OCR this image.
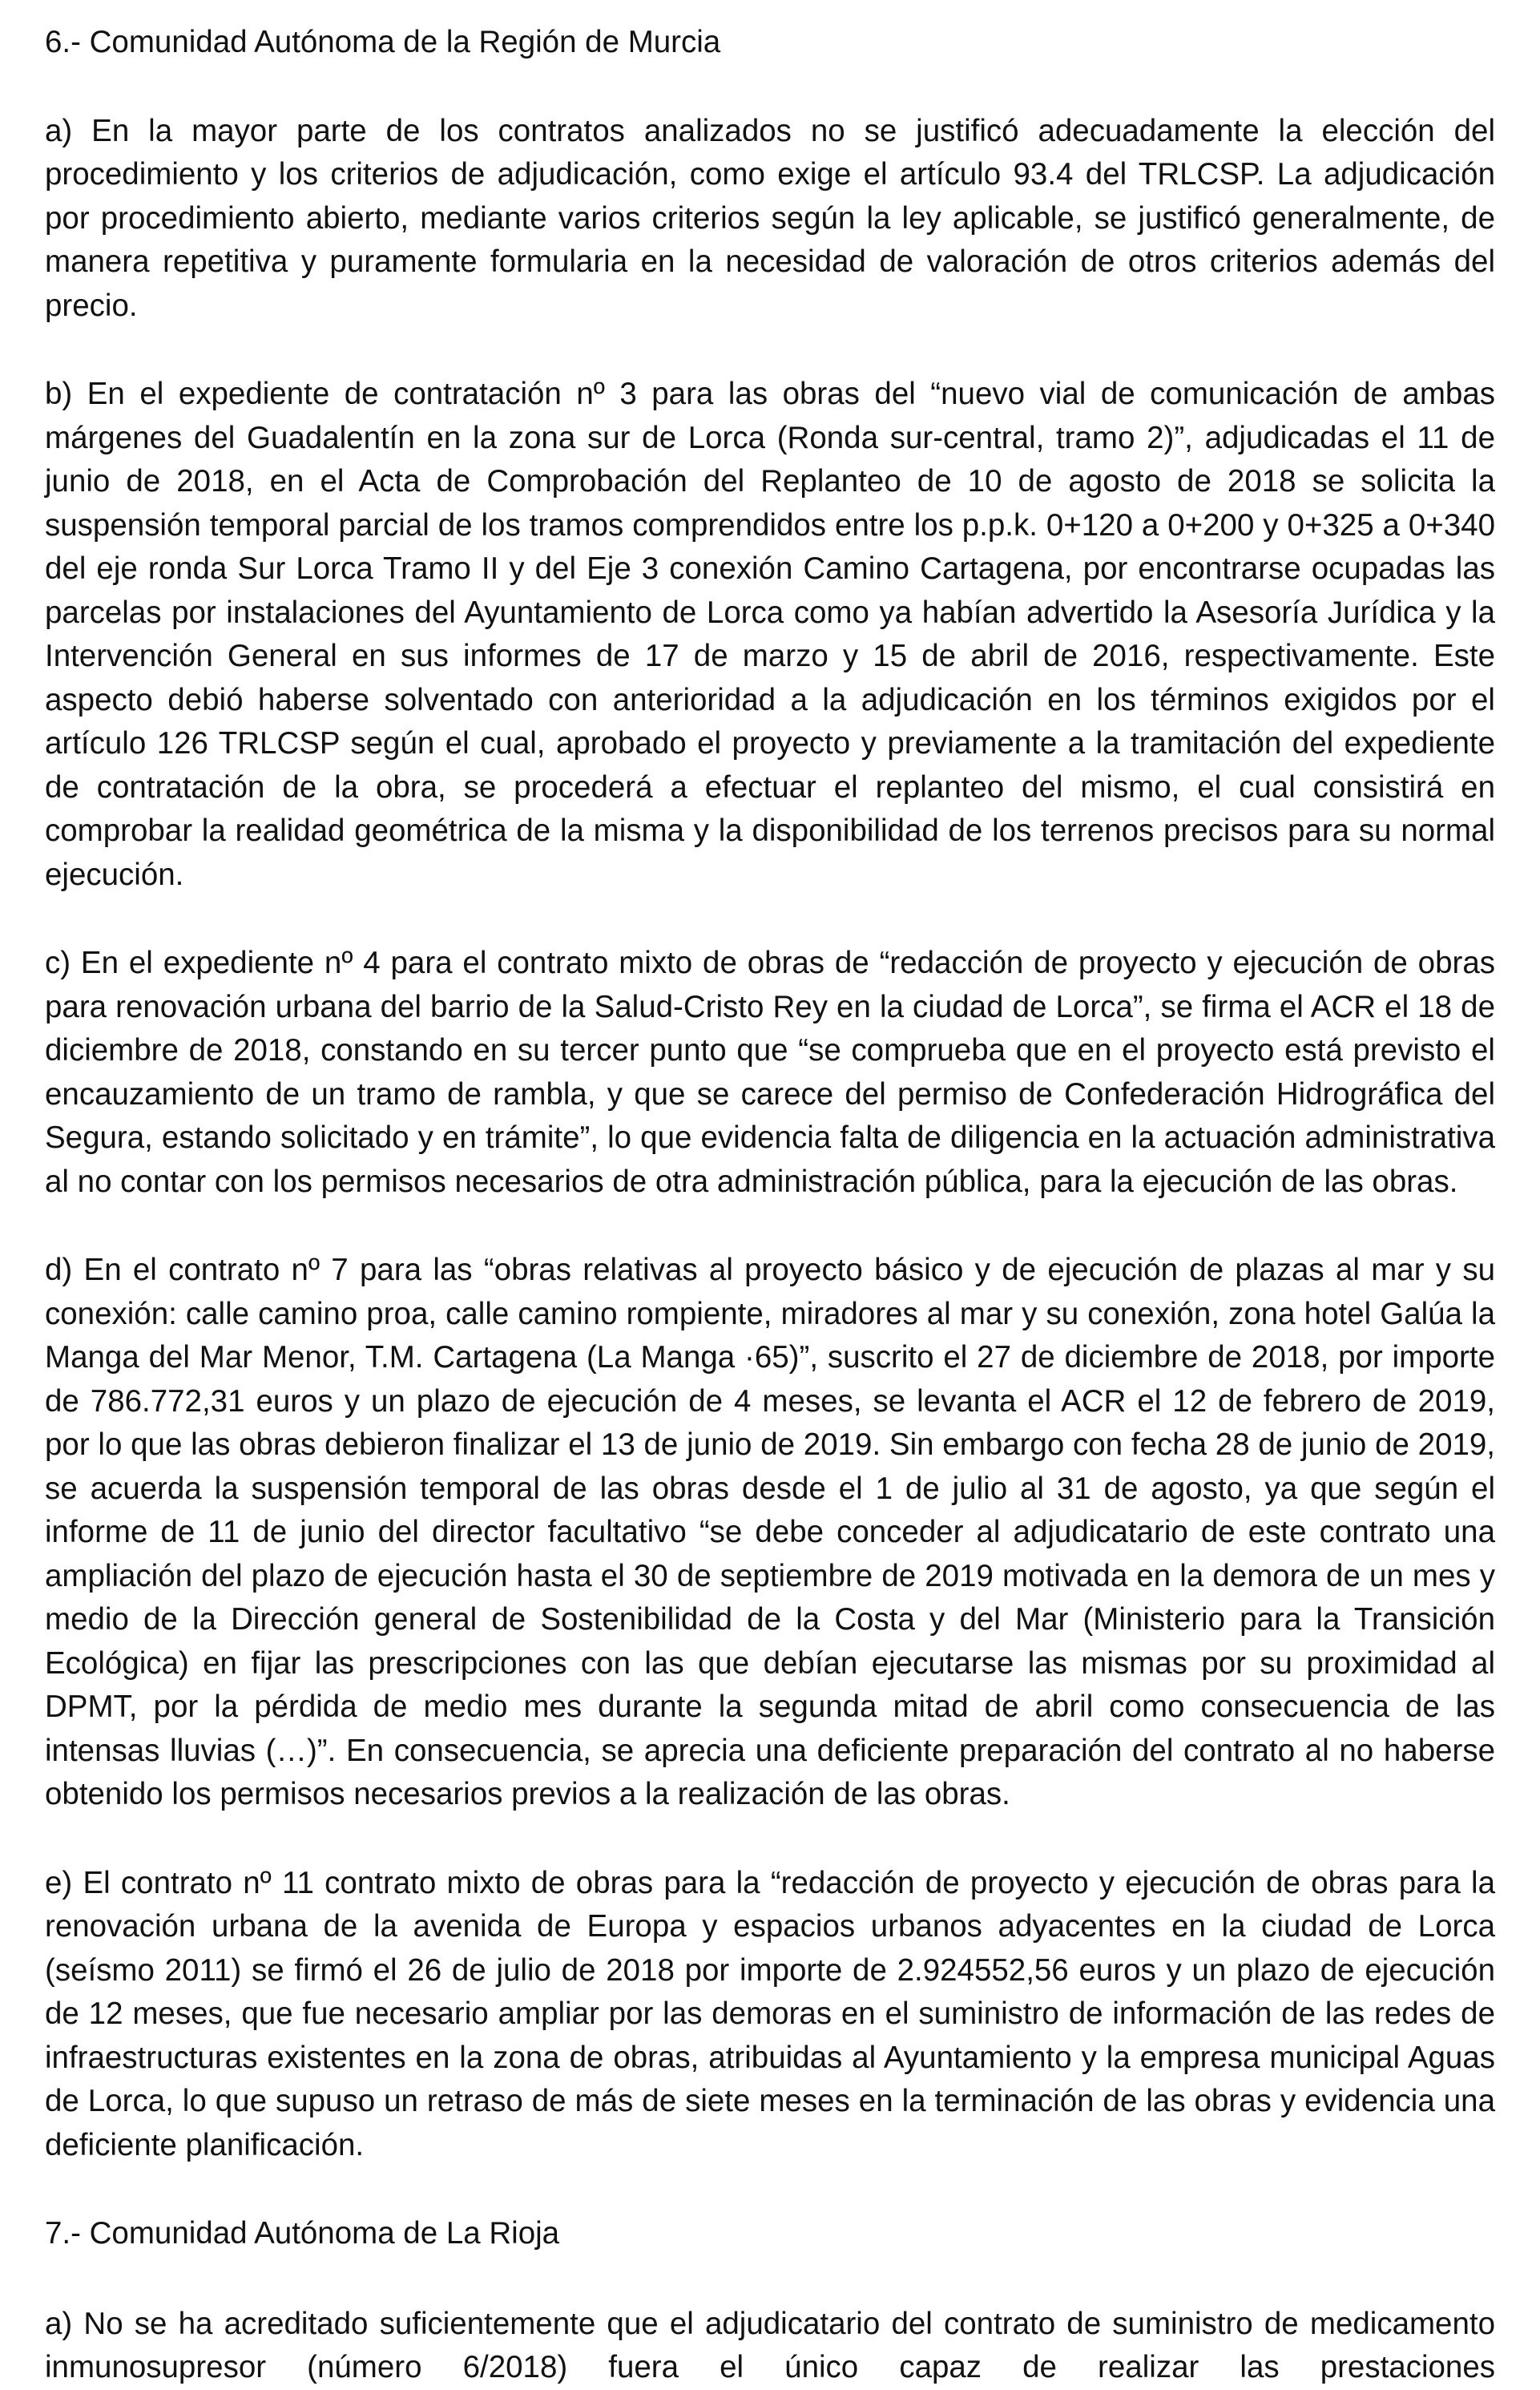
6.- Comunidad Autónoma de la Región de Murcia

a) En la mayor parte de los contratos analizados no se justificó adecuadamente la elección del procedimiento y los criterios de adjudicación, como exige el artículo 93.4 del TRLCSP. La adjudicación por procedimiento abierto, mediante varios criterios según la ley aplicable, se justificó generalmente, de manera repetitiva y puramente formularia en la necesidad de valoración de otros criterios además del precio.

b) En el expediente de contratación nº 3 para las obras del “nuevo vial de comunicación de ambas márgenes del Guadalentín en la zona sur de Lorca (Ronda sur-central, tramo 2)”, adjudicadas el 11 de junio de 2018, en el Acta de Comprobación del Replanteo de 10 de agosto de 2018 se solicita la suspensión temporal parcial de los tramos comprendidos entre los p.p.k. 0+120 a 0+200 y 0+325 a 0+340 del eje ronda Sur Lorca Tramo II y del Eje 3 conexión Camino Cartagena, por encontrarse ocupadas las parcelas por instalaciones del Ayuntamiento de Lorca como ya habían advertido la Asesoría Jurídica y la Intervención General en sus informes de 17 de marzo y 15 de abril de 2016, respectivamente. Este aspecto debió haberse solventado con anterioridad a la adjudicación en los términos exigidos por el artículo 126 TRLCSP según el cual, aprobado el proyecto y previamente a la tramitación del expediente de contratación de la obra, se procederá a efectuar el replanteo del mismo, el cual consistirá en comprobar la realidad geométrica de la misma y la disponibilidad de los terrenos precisos para su normal ejecución.

c) En el expediente nº 4 para el contrato mixto de obras de “redacción de proyecto y ejecución de obras para renovación urbana del barrio de la Salud-Cristo Rey en la ciudad de Lorca”, se firma el ACR el 18 de diciembre de 2018, constando en su tercer punto que “se comprueba que en el proyecto está previsto el encauzamiento de un tramo de rambla, y que se carece del permiso de Confederación Hidrográfica del Segura, estando solicitado y en trámite”, lo que evidencia falta de diligencia en la actuación administrativa al no contar con los permisos necesarios de otra administración pública, para la ejecución de las obras.

d) En el contrato nº 7 para las “obras relativas al proyecto básico y de ejecución de plazas al mar y su conexión: calle camino proa, calle camino rompiente, miradores al mar y su conexión, zona hotel Galúa la Manga del Mar Menor, T.M. Cartagena (La Manga ·65)”, suscrito el 27 de diciembre de 2018, por importe de 786.772,31 euros y un plazo de ejecución de 4 meses, se levanta el ACR el 12 de febrero de 2019, por lo que las obras debieron finalizar el 13 de junio de 2019. Sin embargo con fecha 28 de junio de 2019, se acuerda la suspensión temporal de las obras desde el 1 de julio al 31 de agosto, ya que según el informe de 11 de junio del director facultativo “se debe conceder al adjudicatario de este contrato una ampliación del plazo de ejecución hasta el 30 de septiembre de 2019 motivada en la demora de un mes y medio de la Dirección general de Sostenibilidad de la Costa y del Mar (Ministerio para la Transición Ecológica) en fijar las prescripciones con las que debían ejecutarse las mismas por su proximidad al DPMT, por la pérdida de medio mes durante la segunda mitad de abril como consecuencia de las intensas lluvias (…)”. En consecuencia, se aprecia una deficiente preparación del contrato al no haberse obtenido los permisos necesarios previos a la realización de las obras.

e) El contrato nº 11 contrato mixto de obras para la “redacción de proyecto y ejecución de obras para la renovación urbana de la avenida de Europa y espacios urbanos adyacentes en la ciudad de Lorca (seísmo 2011) se firmó el 26 de julio de 2018 por importe de 2.924552,56 euros y un plazo de ejecución de 12 meses, que fue necesario ampliar por las demoras en el suministro de información de las redes de infraestructuras existentes en la zona de obras, atribuidas al Ayuntamiento y la empresa municipal Aguas de Lorca, lo que supuso un retraso de más de siete meses en la terminación de las obras y evidencia una deficiente planificación.

7.- Comunidad Autónoma de La Rioja

a) No se ha acreditado suficientemente que el adjudicatario del contrato de suministro de medicamento inmunosupresor (número 6/2018) fuera el único capaz de realizar las prestaciones
